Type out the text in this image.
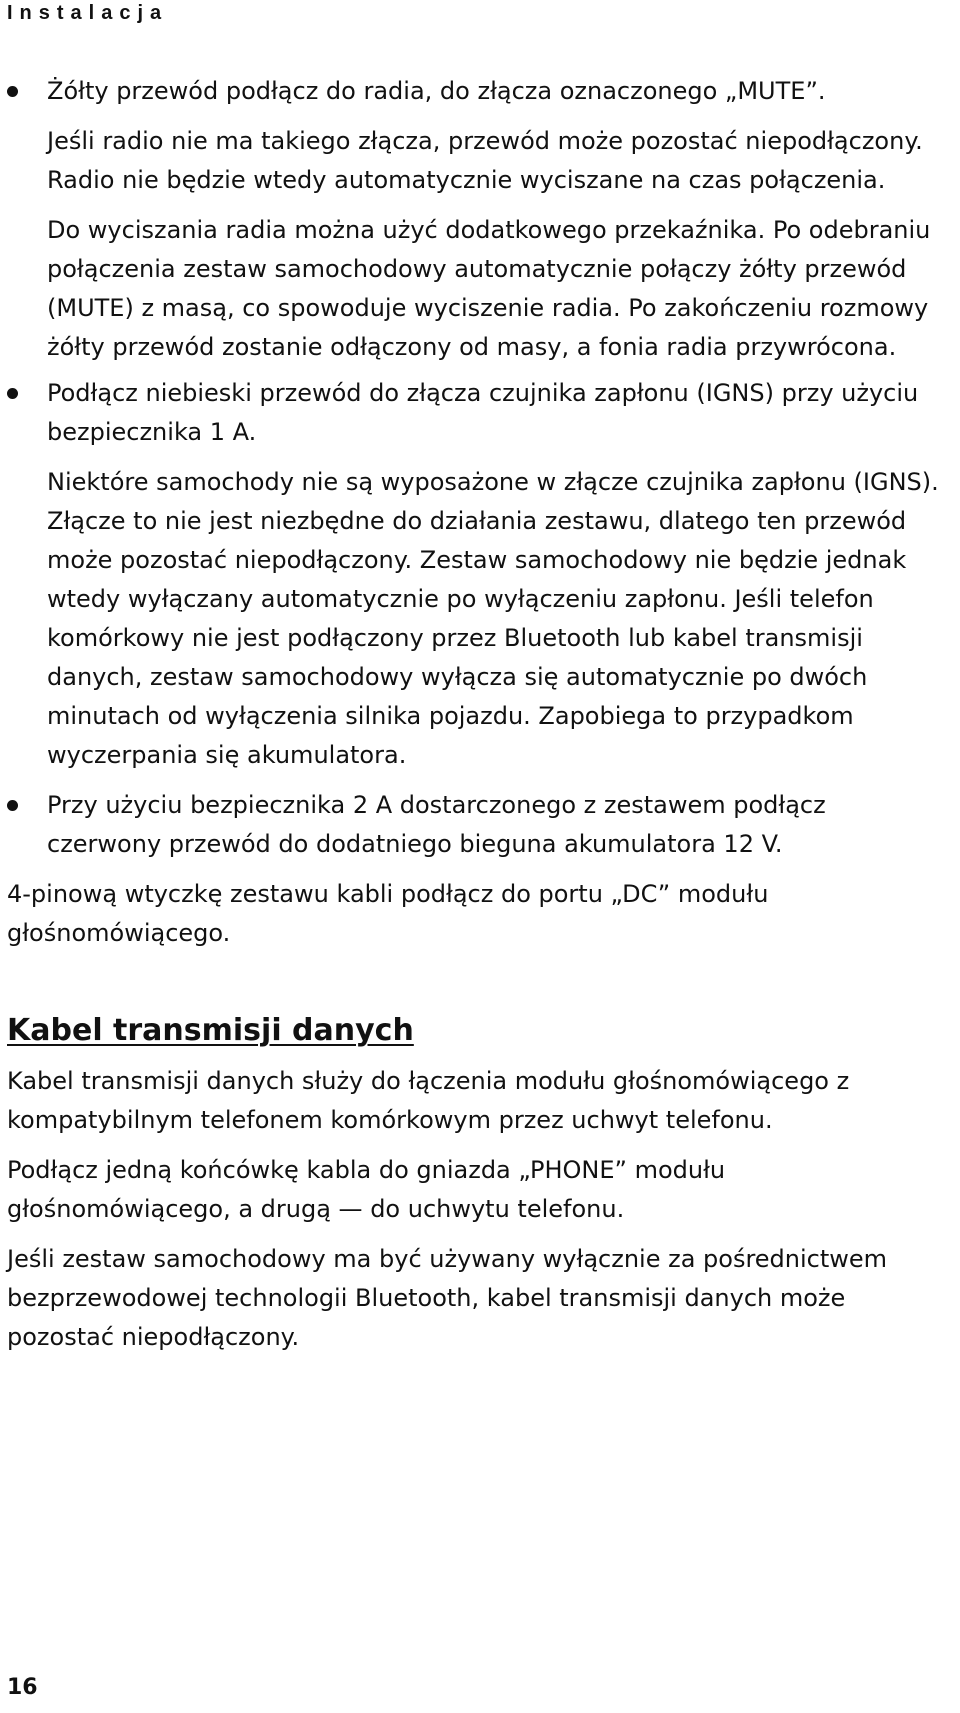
Instalacja

Żółty przewód podłącz do radia, do złącza oznaczonego „MUTE”.

Jeśli radio nie ma takiego złącza, przewód może pozostać niepodłączony. Radio nie będzie wtedy automatycznie wyciszane na czas połączenia.

Do wyciszania radia można użyć dodatkowego przekaźnika. Po odebraniu połączenia zestaw samochodowy automatycznie połączy żółty przewód (MUTE) z masą, co spowoduje wyciszenie radia. Po zakończeniu rozmowy żółty przewód zostanie odłączony od masy, a fonia radia przywrócona.

Podłącz niebieski przewód do złącza czujnika zapłonu (IGNS) przy użyciu bezpiecznika 1 A.

Niektóre samochody nie są wyposażone w złącze czujnika zapłonu (IGNS). Złącze to nie jest niezbędne do działania zestawu, dlatego ten przewód może pozostać niepodłączony. Zestaw samochodowy nie będzie jednak wtedy wyłączany automatycznie po wyłączeniu zapłonu. Jeśli telefon komórkowy nie jest podłączony przez Bluetooth lub kabel transmisji danych, zestaw samochodowy wyłącza się automatycznie po dwóch minutach od wyłączenia silnika pojazdu. Zapobiega to przypadkom wyczerpania się akumulatora.

Przy użyciu bezpiecznika 2 A dostarczonego z zestawem podłącz czerwony przewód do dodatniego bieguna akumulatora 12 V.

4-pinową wtyczkę zestawu kabli podłącz do portu „DC” modułu głośnomówiącego.

Kabel transmisji danych

Kabel transmisji danych służy do łączenia modułu głośnomówiącego z kompatybilnym telefonem komórkowym przez uchwyt telefonu.

Podłącz jedną końcówkę kabla do gniazda „PHONE” modułu głośnomówiącego, a drugą — do uchwytu telefonu.

Jeśli zestaw samochodowy ma być używany wyłącznie za pośrednictwem bezprzewodowej technologii Bluetooth, kabel transmisji danych może pozostać niepodłączony.

16
